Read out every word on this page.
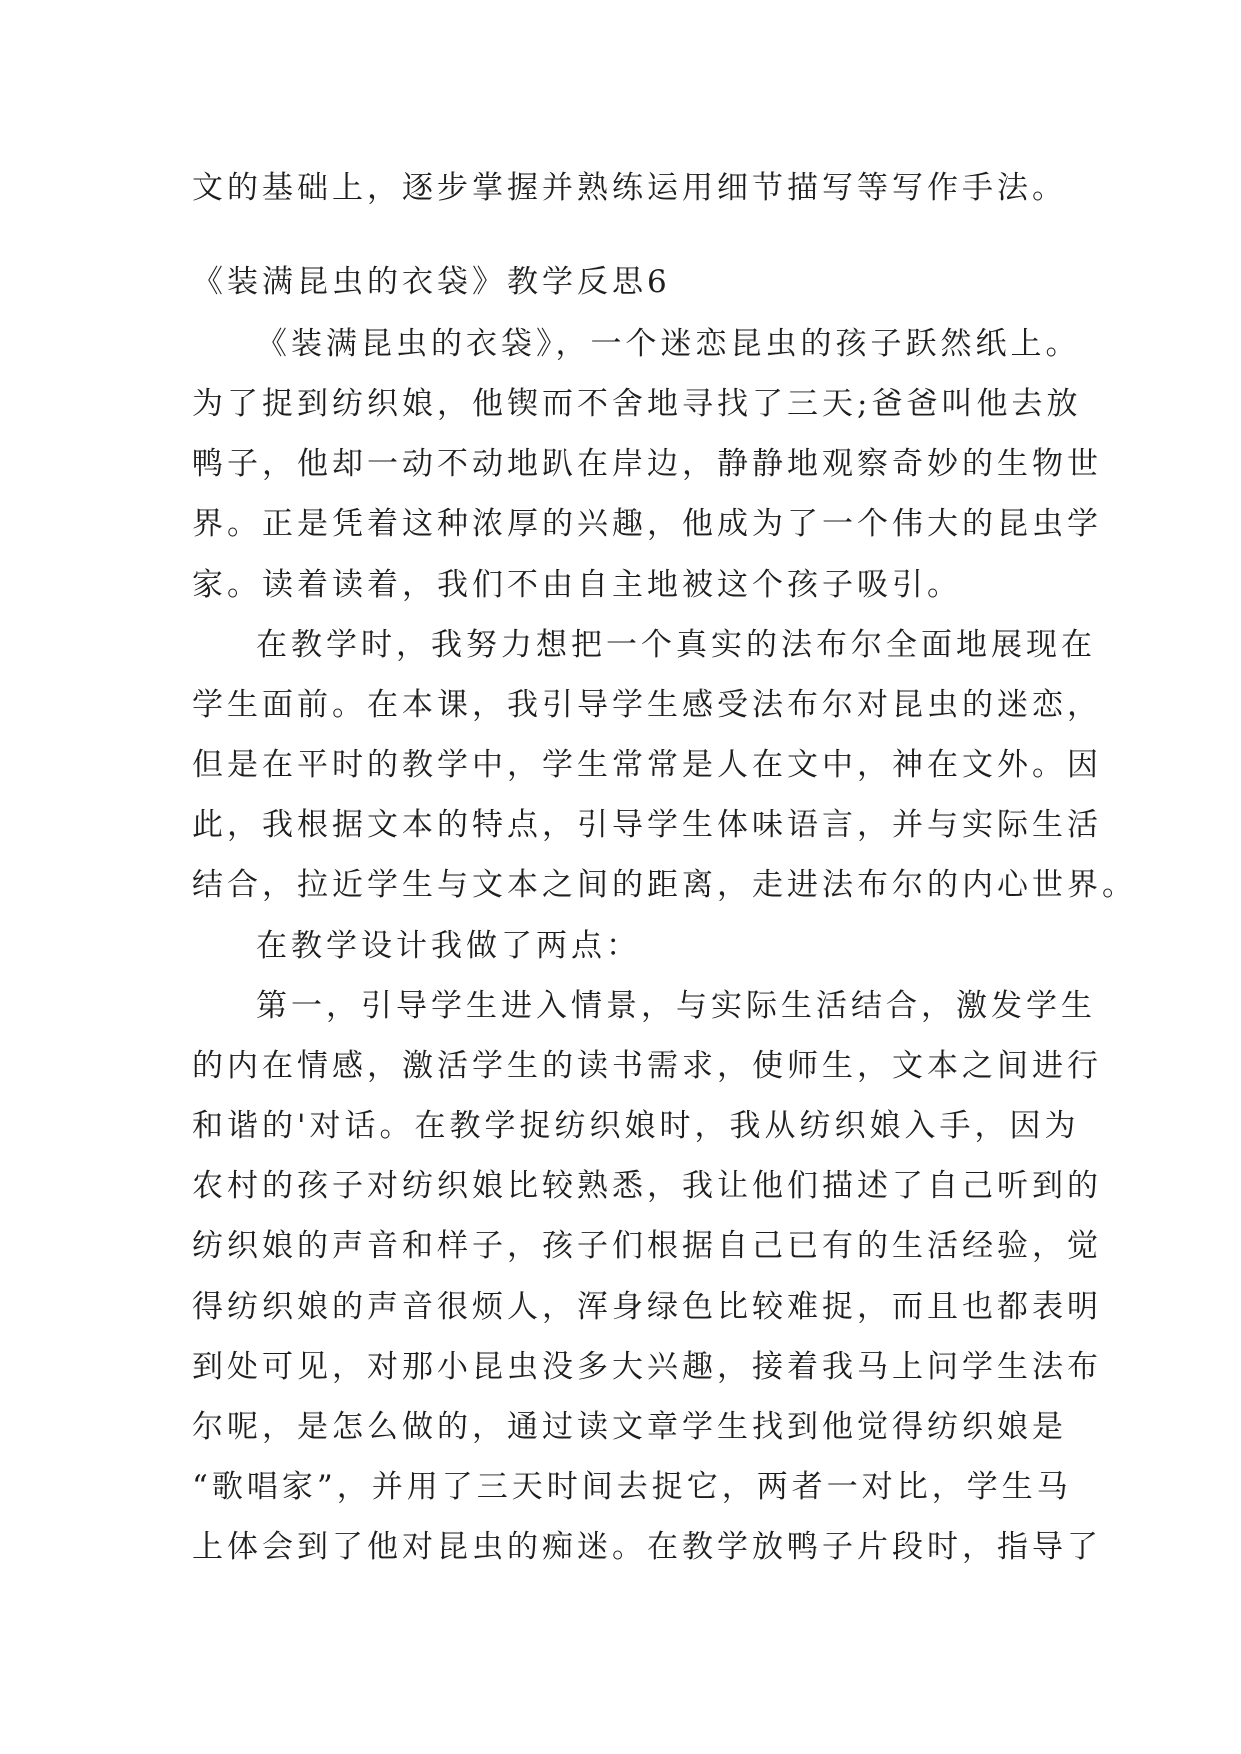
文的基础上，逐步掌握并熟练运用细节描写等写作手法。
《装满昆虫的衣袋》教学反思6
《装满昆虫的衣袋》，一个迷恋昆虫的孩子跃然纸上。
为了捉到纺织娘，他锲而不舍地寻找了三天;爸爸叫他去放
鸭子，他却一动不动地趴在岸边，静静地观察奇妙的生物世
界。正是凭着这种浓厚的兴趣，他成为了一个伟大的昆虫学
家。读着读着，我们不由自主地被这个孩子吸引。
在教学时，我努力想把一个真实的法布尔全面地展现在
学生面前。在本课，我引导学生感受法布尔对昆虫的迷恋，
但是在平时的教学中，学生常常是人在文中，神在文外。因
此，我根据文本的特点，引导学生体味语言，并与实际生活
结合，拉近学生与文本之间的距离，走进法布尔的内心世界。
在教学设计我做了两点：
第一，引导学生进入情景，与实际生活结合，激发学生
的内在情感，激活学生的读书需求，使师生，文本之间进行
和谐的'对话。在教学捉纺织娘时，我从纺织娘入手，因为
农村的孩子对纺织娘比较熟悉，我让他们描述了自己听到的
纺织娘的声音和样子，孩子们根据自己已有的生活经验，觉
得纺织娘的声音很烦人，浑身绿色比较难捉，而且也都表明
到处可见，对那小昆虫没多大兴趣，接着我马上问学生法布
尔呢，是怎么做的，通过读文章学生找到他觉得纺织娘是
“歌唱家”，并用了三天时间去捉它，两者一对比，学生马
上体会到了他对昆虫的痴迷。在教学放鸭子片段时，指导了
